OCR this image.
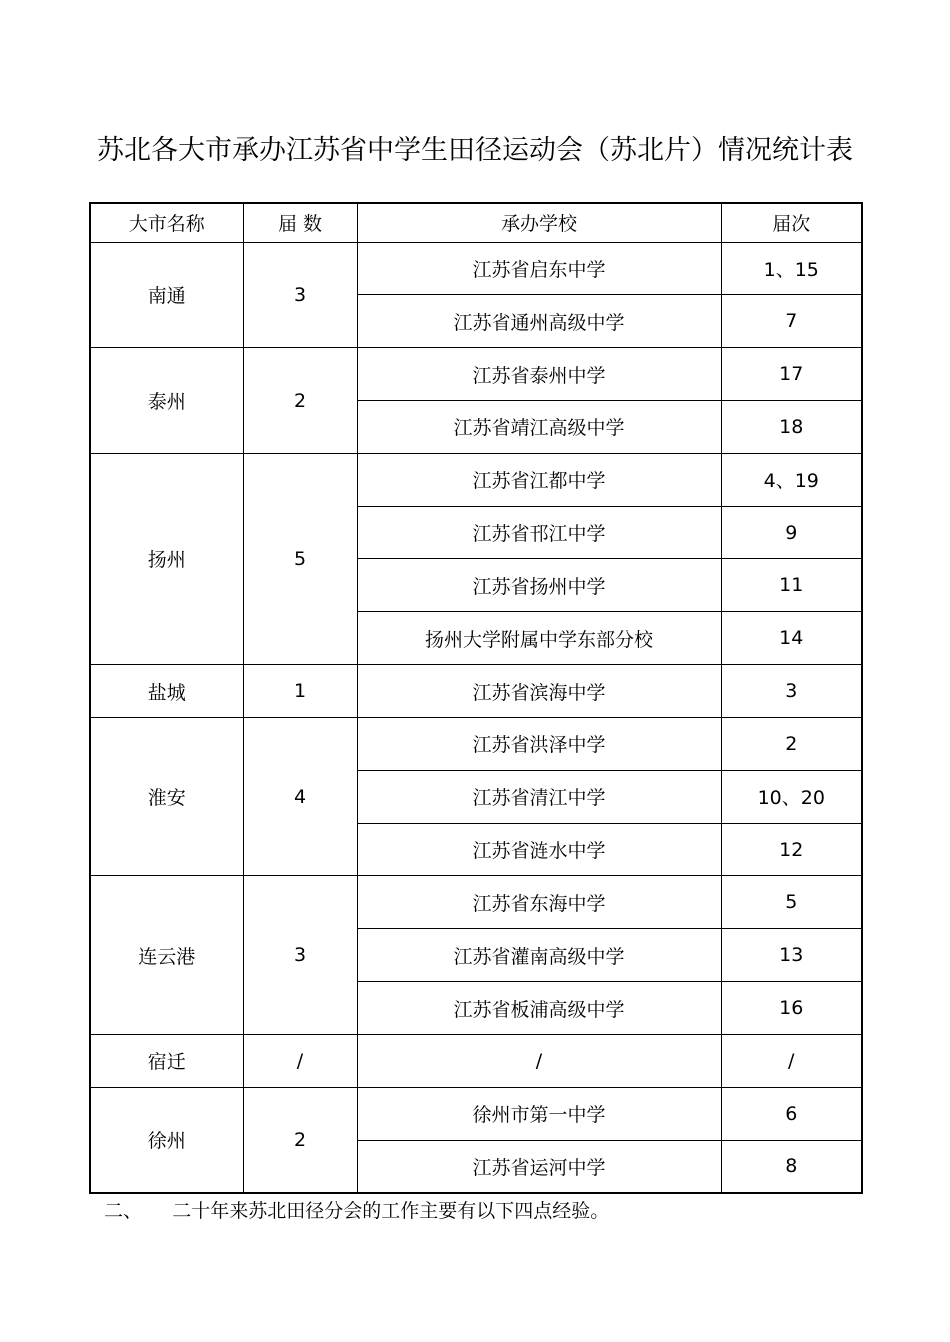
苏北各大市承办江苏省中学生田径运动会（苏北片）情况统计表
大市名称	届 数	承办学校	届次
南通	3	江苏省启东中学	1、15
		江苏省通州高级中学	7
泰州	2	江苏省泰州中学	17
		江苏省靖江高级中学	18
扬州	5	江苏省江都中学	4、19
		江苏省邗江中学	9
		江苏省扬州中学	11
		扬州大学附属中学东部分校	14
盐城	1	江苏省滨海中学	3
淮安	4	江苏省洪泽中学	2
		江苏省清江中学	10、20
		江苏省涟水中学	12
连云港	3	江苏省东海中学	5
		江苏省灌南高级中学	13
		江苏省板浦高级中学	16
宿迁	/	/	/
徐州	2	徐州市第一中学	6
		江苏省运河中学	8
二、 二十年来苏北田径分会的工作主要有以下四点经验。
